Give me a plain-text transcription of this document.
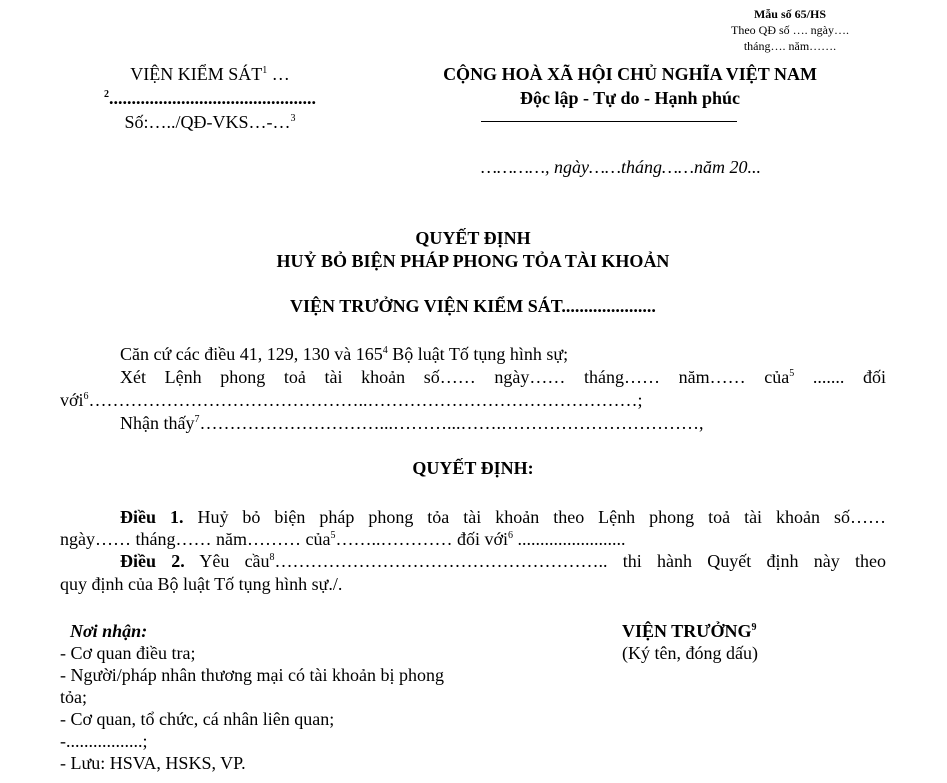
Mẫu số 65/HS
Theo QĐ số …. ngày….
tháng…. năm…….
VIỆN KIỂM SÁT$^1$ …
$^2$..............................................
Số:…../QĐ-VKS…-…$^3$
CỘNG HOÀ XÃ HỘI CHỦ NGHĨA VIỆT NAM
Độc lập - Tự do - Hạnh phúc
…………, ngày……tháng……năm 20...
QUYẾT ĐỊNH
HUỶ BỎ BIỆN PHÁP PHONG TỎA TÀI KHOẢN
VIỆN TRƯỞNG VIỆN KIỂM SÁT.....................
Căn cứ các điều 41, 129, 130 và $165^4$ Bộ luật Tố tụng hình sự;
Xét Lệnh phong toả tài khoản số…… ngày…… tháng…… năm…… của$^5$ ....... đối
với$^6$………………………………………..………………………………………;
Nhận thấy$^7$…………………………...………...…….……………………………,
QUYẾT ĐỊNH:
Điều 1. Huỷ bỏ biện pháp phong tỏa tài khoản theo Lệnh phong toả tài khoản số……
ngày…… tháng…… năm……… của$^5$……..………… đối với$^6$ ........................
Điều 2. Yêu cầu$^8$……………………………………………….. thi hành Quyết định này theo
quy định của Bộ luật Tố tụng hình sự./.
Nơi nhận:
- Cơ quan điều tra;
- Người/pháp nhân thương mại có tài khoản bị phong
tỏa;
- Cơ quan, tổ chức, cá nhân liên quan;
-.................;
- Lưu: HSVA, HSKS, VP.
VIỆN TRƯỞNG$^9$
(Ký tên, đóng dấu)
